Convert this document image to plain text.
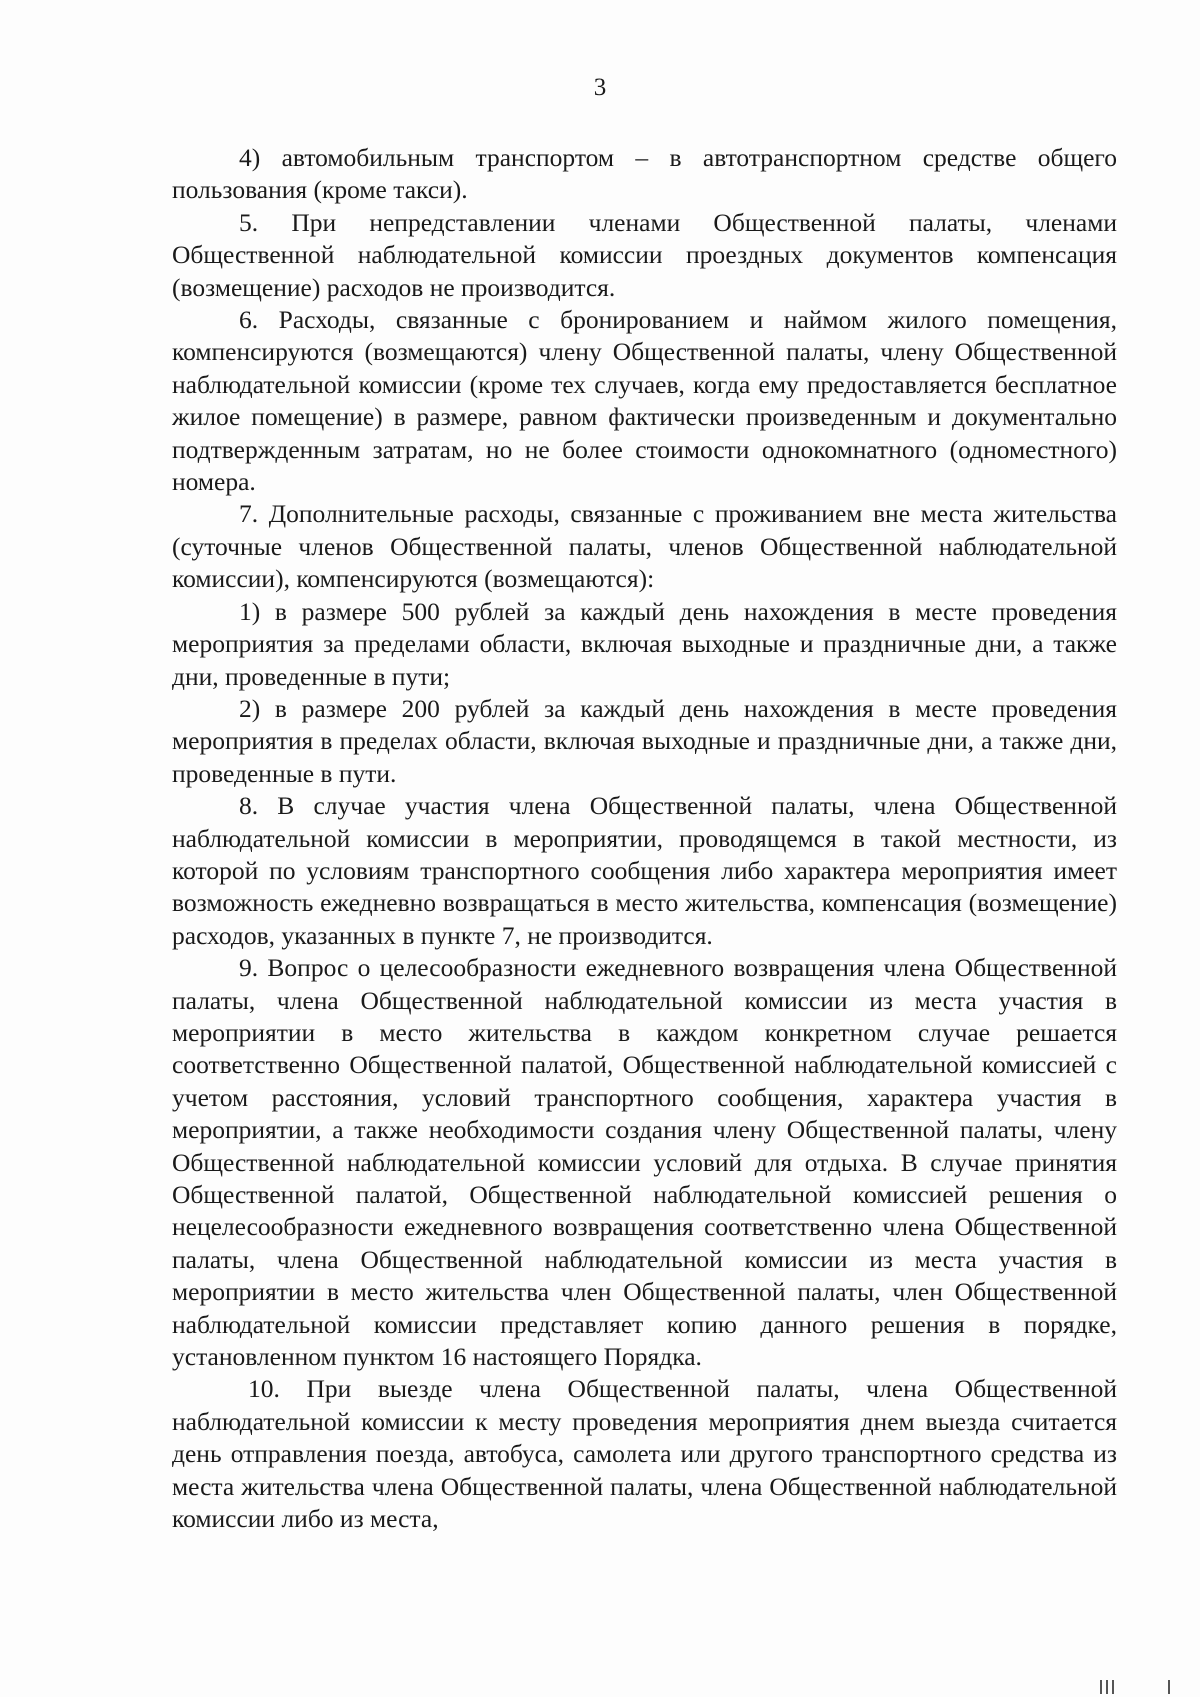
3

4) автомобильным транспортом – в автотранспортном средстве общего пользования (кроме такси).

5. При непредставлении членами Общественной палаты, членами Общественной наблюдательной комиссии проездных документов компенсация (возмещение) расходов не производится.

6. Расходы, связанные с бронированием и наймом жилого помещения, компенсируются (возмещаются) члену Общественной палаты, члену Общественной наблюдательной комиссии (кроме тех случаев, когда ему предоставляется бесплатное жилое помещение) в размере, равном фактически произведенным и документально подтвержденным затратам, но не более стоимости однокомнатного (одноместного) номера.

7. Дополнительные расходы, связанные с проживанием вне места жительства (суточные членов Общественной палаты, членов Общественной наблюдательной комиссии), компенсируются (возмещаются):

1) в размере 500 рублей за каждый день нахождения в месте проведения мероприятия за пределами области, включая выходные и праздничные дни, а также дни, проведенные в пути;

2) в размере 200 рублей за каждый день нахождения в месте проведения мероприятия в пределах области, включая выходные и праздничные дни, а также дни, проведенные в пути.

8. В случае участия члена Общественной палаты, члена Общественной наблюдательной комиссии в мероприятии, проводящемся в такой местности, из которой по условиям транспортного сообщения либо характера мероприятия имеет возможность ежедневно возвращаться в место жительства, компенсация (возмещение) расходов, указанных в пункте 7, не производится.

9. Вопрос о целесообразности ежедневного возвращения члена Общественной палаты, члена Общественной наблюдательной комиссии из места участия в мероприятии в место жительства в каждом конкретном случае решается соответственно Общественной палатой, Общественной наблюдательной комиссией с учетом расстояния, условий транспортного сообщения, характера участия в мероприятии, а также необходимости создания члену Общественной палаты, члену Общественной наблюдательной комиссии условий для отдыха. В случае принятия Общественной палатой, Общественной наблюдательной комиссией решения о нецелесообразности ежедневного возвращения соответственно члена Общественной палаты, члена Общественной наблюдательной комиссии из места участия в мероприятии в место жительства член Общественной палаты, член Общественной наблюдательной комиссии представляет копию данного решения в порядке, установленном пунктом 16 настоящего Порядка.

10. При выезде члена Общественной палаты, члена Общественной наблюдательной комиссии к месту проведения мероприятия днем выезда считается день отправления поезда, автобуса, самолета или другого транспортного средства из места жительства члена Общественной палаты, члена Общественной наблюдательной комиссии либо из места,
